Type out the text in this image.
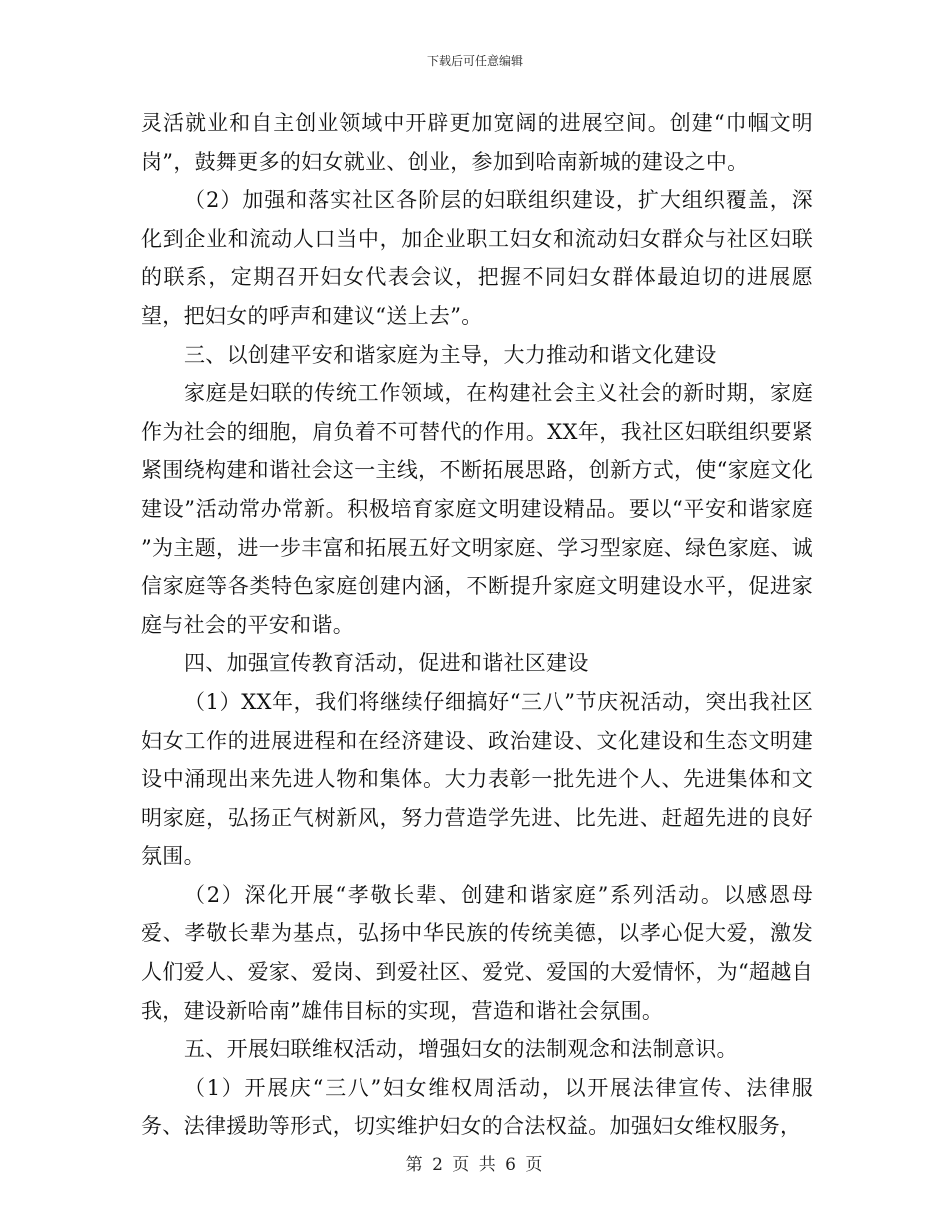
下载后可任意编辑

灵活就业和自主创业领域中开辟更加宽阔的进展空间。创建“巾帼文明岗”，鼓舞更多的妇女就业、创业，参加到哈南新城的建设之中。

（2）加强和落实社区各阶层的妇联组织建设，扩大组织覆盖，深化到企业和流动人口当中，加企业职工妇女和流动妇女群众与社区妇联的联系，定期召开妇女代表会议，把握不同妇女群体最迫切的进展愿望，把妇女的呼声和建议“送上去”。

三、以创建平安和谐家庭为主导，大力推动和谐文化建设

家庭是妇联的传统工作领域，在构建社会主义社会的新时期，家庭作为社会的细胞，肩负着不可替代的作用。XX年，我社区妇联组织要紧紧围绕构建和谐社会这一主线，不断拓展思路，创新方式，使“家庭文化建设”活动常办常新。积极培育家庭文明建设精品。要以“平安和谐家庭 ”为主题，进一步丰富和拓展五好文明家庭、学习型家庭、绿色家庭、诚信家庭等各类特色家庭创建内涵，不断提升家庭文明建设水平，促进家庭与社会的平安和谐。

四、加强宣传教育活动，促进和谐社区建设

（1）XX年，我们将继续仔细搞好“三八”节庆祝活动，突出我社区妇女工作的进展进程和在经济建设、政治建设、文化建设和生态文明建设中涌现出来先进人物和集体。大力表彰一批先进个人、先进集体和文明家庭，弘扬正气树新风，努力营造学先进、比先进、赶超先进的良好氛围。

（2）深化开展“孝敬长辈、创建和谐家庭”系列活动。以感恩母爱、孝敬长辈为基点，弘扬中华民族的传统美德，以孝心促大爱，激发人们爱人、爱家、爱岗、到爱社区、爱党、爱国的大爱情怀，为“超越自我，建设新哈南”雄伟目标的实现，营造和谐社会氛围。

五、开展妇联维权活动，增强妇女的法制观念和法制意识。

（1）开展庆“三八”妇女维权周活动，以开展法律宣传、法律服务、法律援助等形式，切实维护妇女的合法权益。加强妇女维权服务，

第 2 页 共 6 页
